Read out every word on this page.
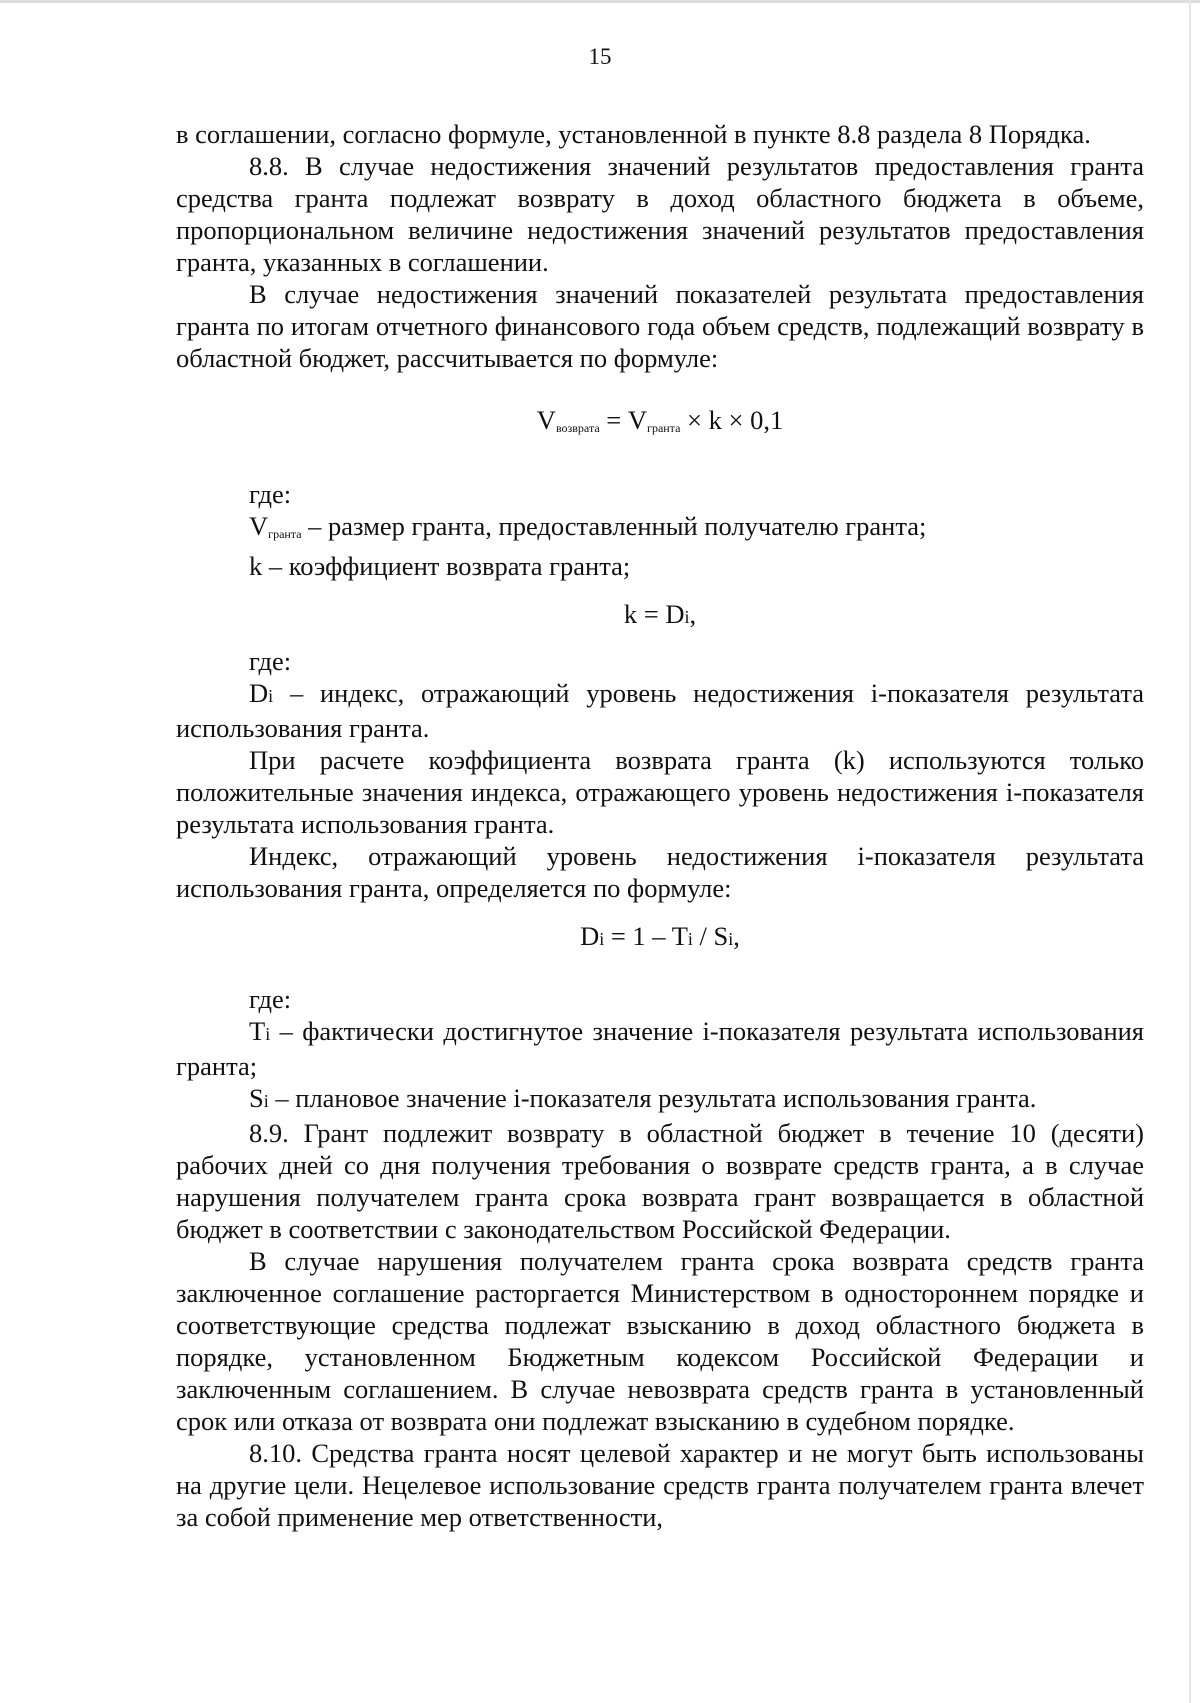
15

в соглашении, согласно формуле, установленной в пункте 8.8 раздела 8 Порядка.

8.8. В случае недостижения значений результатов предоставления гранта средства гранта подлежат возврату в доход областного бюджета в объеме, пропорциональном величине недостижения значений результатов предоставления гранта, указанных в соглашении.

В случае недостижения значений показателей результата предоставления гранта по итогам отчетного финансового года объем средств, подлежащий возврату в областной бюджет, рассчитывается по формуле:

$V_{возврата} = V_{гранта} \times k \times 0,1$

где:

$V_{гранта}$ – размер гранта, предоставленный получателю гранта;

k – коэффициент возврата гранта;

k = Di,

где:

Di – индекс, отражающий уровень недостижения i-показателя результата использования гранта.

При расчете коэффициента возврата гранта (k) используются только положительные значения индекса, отражающего уровень недостижения i-показателя результата использования гранта.

Индекс, отражающий уровень недостижения i-показателя результата использования гранта, определяется по формуле:

Di = 1 – Ti / Si,

где:

Ti – фактически достигнутое значение i-показателя результата использования гранта;

Si – плановое значение i-показателя результата использования гранта.

8.9. Грант подлежит возврату в областной бюджет в течение 10 (десяти) рабочих дней со дня получения требования о возврате средств гранта, а в случае нарушения получателем гранта срока возврата грант возвращается в областной бюджет в соответствии с законодательством Российской Федерации.

В случае нарушения получателем гранта срока возврата средств гранта заключенное соглашение расторгается Министерством в одностороннем порядке и соответствующие средства подлежат взысканию в доход областного бюджета в порядке, установленном Бюджетным кодексом Российской Федерации и заключенным соглашением. В случае невозврата средств гранта в установленный срок или отказа от возврата они подлежат взысканию в судебном порядке.

8.10. Средства гранта носят целевой характер и не могут быть использованы на другие цели. Нецелевое использование средств гранта получателем гранта влечет за собой применение мер ответственности,
